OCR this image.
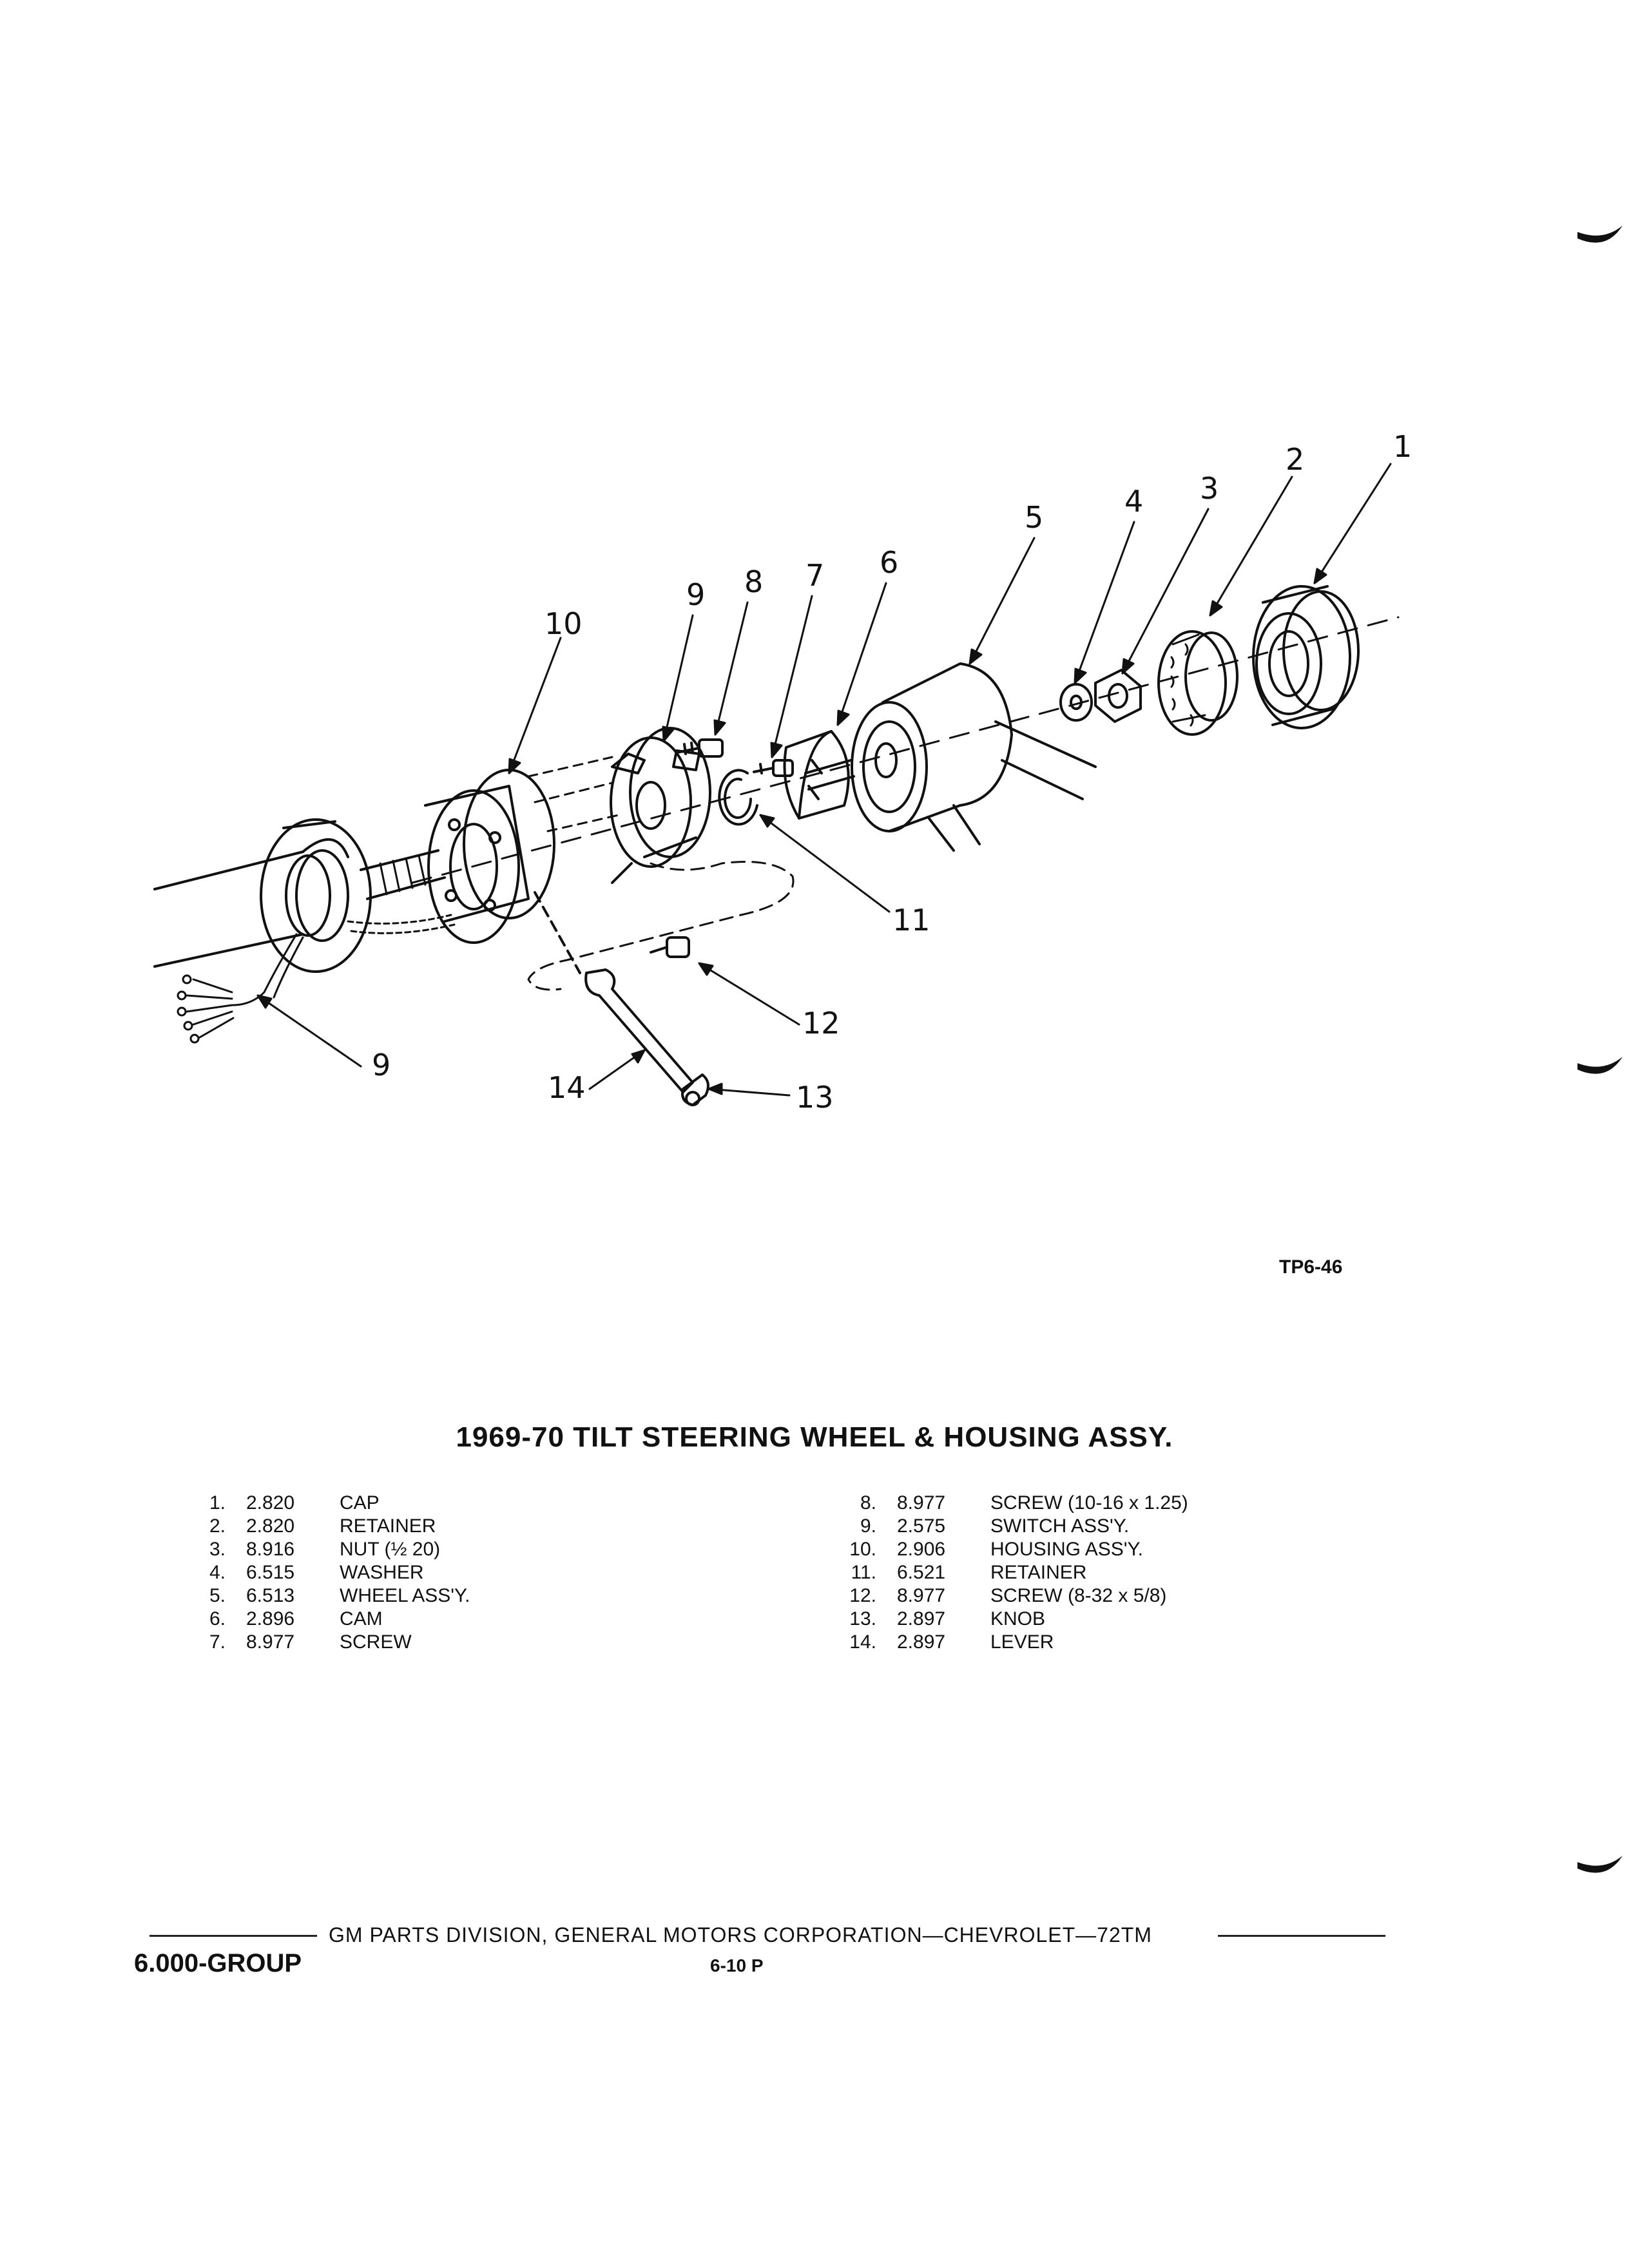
1
2
3
4
5
6
7
8
9
10
11
12
13
14
9
TP6-46
1969-70 TILT STEERING WHEEL & HOUSING ASSY.
1.	2.820	CAP
2.	2.820	RETAINER
3.	8.916	NUT (½ 20)
4.	6.515	WASHER
5.	6.513	WHEEL ASS'Y.
6.	2.896	CAM
7.	8.977	SCREW
8.	8.977	SCREW (10-16 x 1.25)
9.	2.575	SWITCH ASS'Y.
10.	2.906	HOUSING ASS'Y.
11.	6.521	RETAINER
12.	8.977	SCREW (8-32 x 5/8)
13.	2.897	KNOB
14.	2.897	LEVER
GM PARTS DIVISION, GENERAL MOTORS CORPORATION—CHEVROLET—72TM
6.000-GROUP	6-10 P
